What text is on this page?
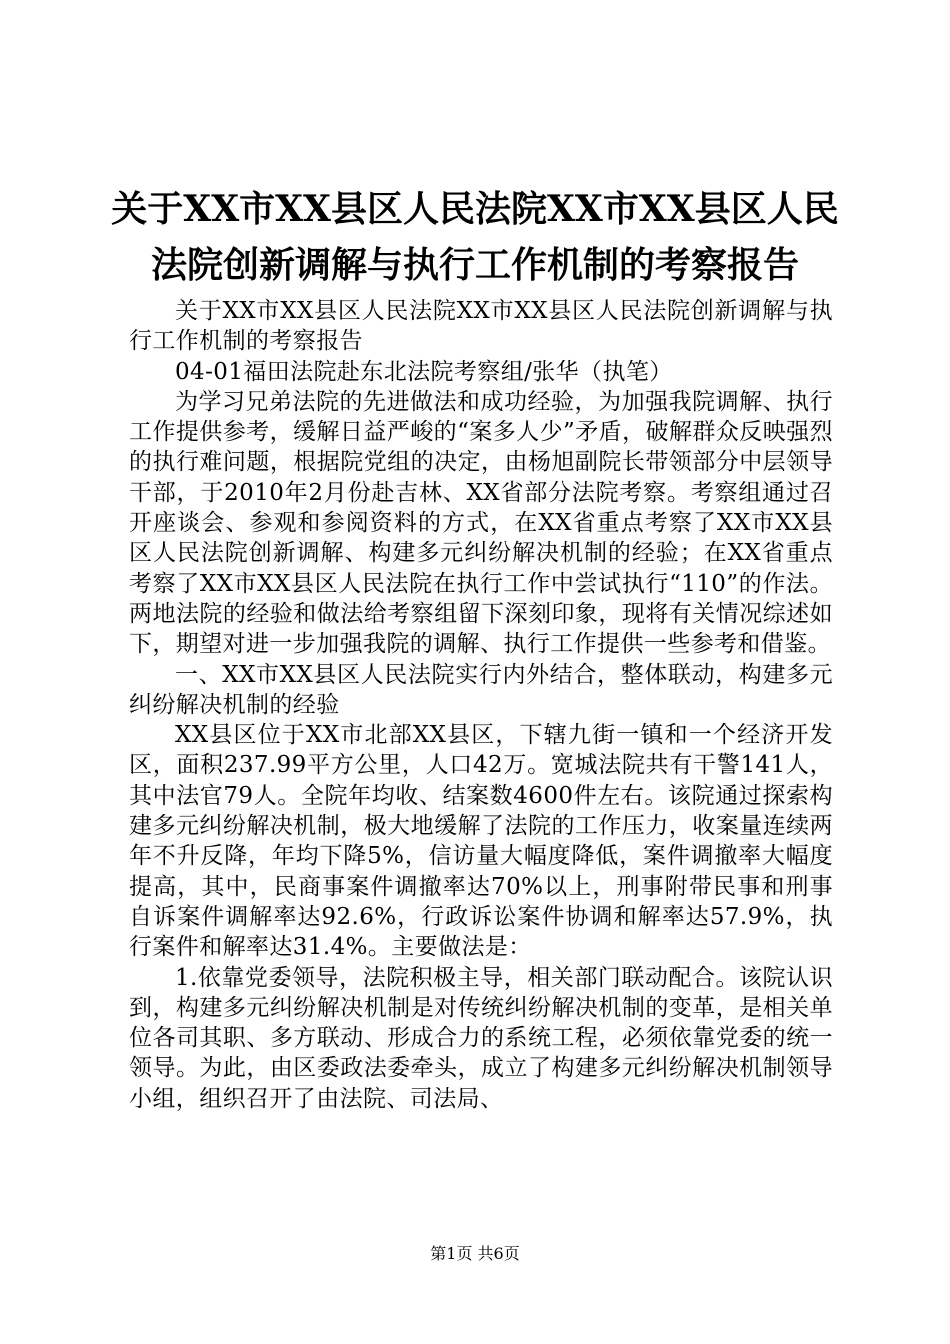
关于XX市XX县区人民法院XX市XX县区人民
法院创新调解与执行工作机制的考察报告

关于XX市XX县区人民法院XX市XX县区人民法院创新调解与执行工作机制的考察报告

04-01福田法院赴东北法院考察组/张华（执笔）

为学习兄弟法院的先进做法和成功经验，为加强我院调解、执行工作提供参考，缓解日益严峻的“案多人少”矛盾，破解群众反映强烈的执行难问题，根据院党组的决定，由杨旭副院长带领部分中层领导干部，于2010年2月份赴吉林、XX省部分法院考察。考察组通过召开座谈会、参观和参阅资料的方式，在XX省重点考察了XX市XX县区人民法院创新调解、构建多元纠纷解决机制的经验；在XX省重点考察了XX市XX县区人民法院在执行工作中尝试执行“110”的作法。两地法院的经验和做法给考察组留下深刻印象，现将有关情况综述如下，期望对进一步加强我院的调解、执行工作提供一些参考和借鉴。

一、XX市XX县区人民法院实行内外结合，整体联动，构建多元纠纷解决机制的经验

XX县区位于XX市北部XX县区，下辖九街一镇和一个经济开发区，面积237.99平方公里，人口42万。宽城法院共有干警141人，其中法官79人。全院年均收、结案数4600件左右。该院通过探索构建多元纠纷解决机制，极大地缓解了法院的工作压力，收案量连续两年不升反降，年均下降5%，信访量大幅度降低，案件调撤率大幅度提高，其中，民商事案件调撤率达70%以上，刑事附带民事和刑事自诉案件调解率达92.6%，行政诉讼案件协调和解率达57.9%，执行案件和解率达31.4%。主要做法是：

1.依靠党委领导，法院积极主导，相关部门联动配合。该院认识到，构建多元纠纷解决机制是对传统纠纷解决机制的变革，是相关单位各司其职、多方联动、形成合力的系统工程，必须依靠党委的统一领导。为此，由区委政法委牵头，成立了构建多元纠纷解决机制领导小组，组织召开了由法院、司法局、

第1页 共6页
